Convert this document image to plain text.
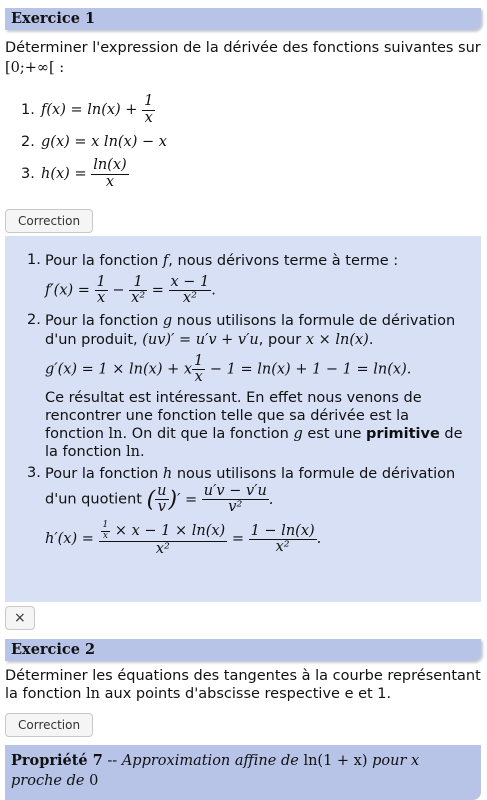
Exercice 1
Déterminer l'expression de la dérivée des fonctions suivantes sur
[0;+∞[ :
1. $f(x) = \ln(x) + \frac{1}{x}$
2. g(x) = x ln(x) − x
3. $h(x) = \frac{\ln(x)}{x}$
Correction
1. Pour la fonction f, nous dérivons terme à terme :
$f'(x) = \frac{1}{x} - \frac{1}{\text{x²}} = \frac{x - 1}{\text{x²}}$ .
2. Pour la fonction g nous utilisons la formule de dérivation
d'un produit, (uv)′ = u′v + v′u, pour x × ln(x).
g′(x) = 1 × ln(x) + x $\frac{1}{x} - 1 = \ln(x) + 1 - 1 = \ln(x)$.
Ce résultat est intéressant. En effet nous venons de rencontrer une fonction telle que sa dérivée est la fonction ln. On dit que la fonction g est une primitive de la fonction ln.
3. Pour la fonction h nous utilisons la formule de dérivation
d'un quotient ( $\frac{u}{v}$ )′ = $\frac{u'v - v'u}{\text{v²}}$ .
$h'(x) = \frac{\frac{1}{x} \times x - 1 \times \ln(x)}{\text{x²}} = \frac{1 - \ln(x)}{\text{x²}}$ .
×
Exercice 2
Déterminer les équations des tangentes à la courbe représentant la fonction ln aux points d'abscisse respective e et 1.
Correction
Propriété 7 -- Approximation affine de ln(1 + x) pour x
proche de 0
